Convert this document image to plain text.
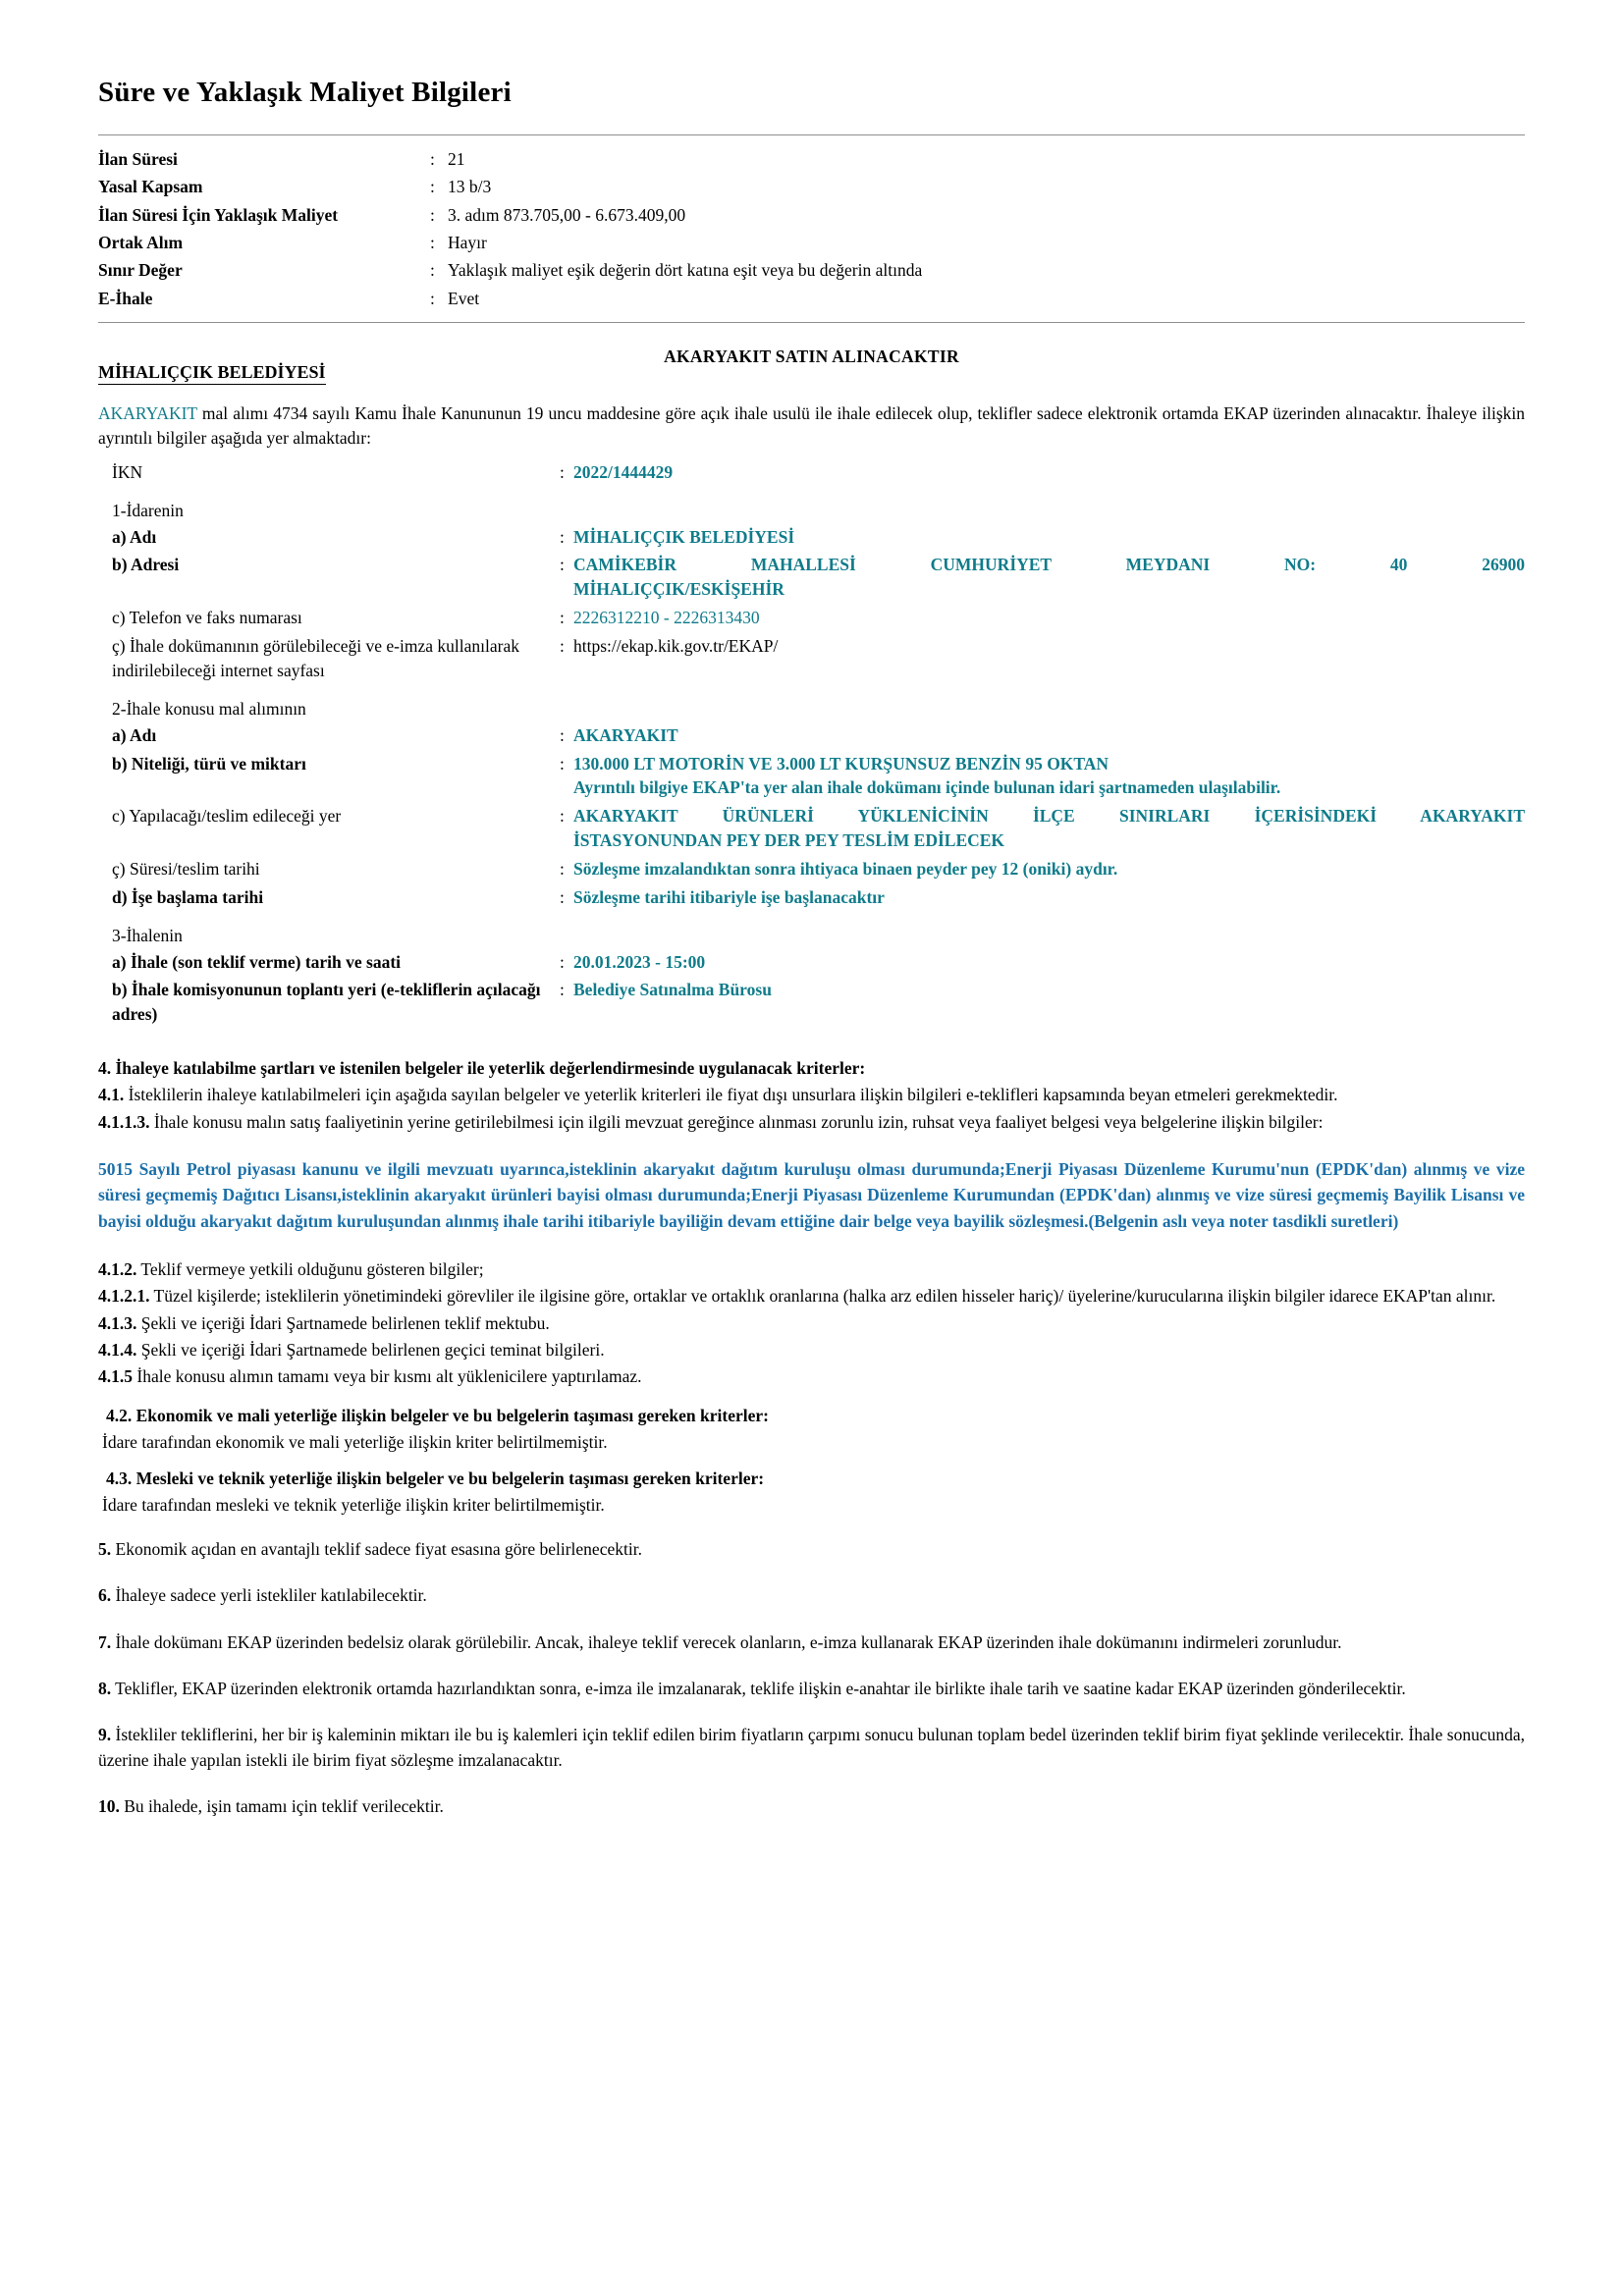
Süre ve Yaklaşık Maliyet Bilgileri
İlan Süresi	: 21
Yasal Kapsam	: 13 b/3
İlan Süresi İçin Yaklaşık Maliyet	: 3. adım 873.705,00 - 6.673.409,00
Ortak Alım	: Hayır
Sınır Değer	: Yaklaşık maliyet eşik değerin dört katına eşit veya bu değerin altında
E-İhale	: Evet
AKARYAKIT SATIN ALINACAKTIR
MİHALIÇÇIK BELEDİYESİ
AKARYAKIT mal alımı 4734 sayılı Kamu İhale Kanununun 19 uncu maddesine göre açık ihale usulü ile ihale edilecek olup, teklifler sadece elektronik ortamda EKAP üzerinden alınacaktır. İhaleye ilişkin ayrıntılı bilgiler aşağıda yer almaktadır:
İKN	: 2022/1444429
1-İdarenin
a) Adı	: MİHALIÇÇIK BELEDİYESİ
b) Adresi	: CAMİKEBİR MAHALLESİ CUMHURİYET MEYDANI NO: 40 26900
MİHALIÇÇIK/ESKİŞEHİR
c) Telefon ve faks numarası	: 2226312210 - 2226313430
ç) İhale dokümanının görülebileceği ve e-imza kullanılarak indirilebileceği internet sayfası
: https://ekap.kik.gov.tr/EKAP/
2-İhale konusu mal alımının
a) Adı	: AKARYAKIT
b) Niteliği, türü ve miktarı	: 130.000 LT MOTORİN VE 3.000 LT KURŞUNSUZ BENZİN 95 OKTAN
Ayrıntılı bilgiye EKAP'ta yer alan ihale dokümanı içinde bulunan idari şartnameden ulaşılabilir.
c) Yapılacağı/teslim edileceği yer	: AKARYAKIT ÜRÜNLERİ YÜKLENİCİNİN İLÇE SINIRLARI İÇERİSİNDEKİ AKARYAKIT
İSTASYONUNDAN PEY DER PEY TESLİM EDİLECEK
ç) Süresi/teslim tarihi	: Sözleşme imzalandıktan sonra ihtiyaca binaen peyder pey 12 (oniki) aydır.
d) İşe başlama tarihi	: Sözleşme tarihi itibariyle işe başlanacaktır
3-İhalenin
a) İhale (son teklif verme) tarih ve saati	: 20.01.2023 - 15:00
b) İhale komisyonunun toplantı yeri (e-tekliflerin açılacağı adres)
: Belediye Satınalma Bürosu
4. İhaleye katılabilme şartları ve istenilen belgeler ile yeterlik değerlendirmesinde uygulanacak kriterler:
4.1. İsteklilerin ihaleye katılabilmeleri için aşağıda sayılan belgeler ve yeterlik kriterleri ile fiyat dışı unsurlara ilişkin bilgileri e-teklifleri kapsamında beyan etmeleri gerekmektedir.
4.1.1.3. İhale konusu malın satış faaliyetinin yerine getirilebilmesi için ilgili mevzuat gereğince alınması zorunlu izin, ruhsat veya faaliyet belgesi veya belgelerine ilişkin bilgiler:
5015 Sayılı Petrol piyasası kanunu ve ilgili mevzuatı uyarınca,isteklinin akaryakıt dağıtım kuruluşu olması durumunda;Enerji Piyasası Düzenleme Kurumu'nun (EPDK'dan) alınmış ve vize süresi geçmemiş Dağıtıcı Lisansı,isteklinin akaryakıt ürünleri bayisi olması durumunda;Enerji Piyasası Düzenleme Kurumundan (EPDK'dan) alınmış ve vize süresi geçmemiş Bayilik Lisansı ve bayisi olduğu akaryakıt dağıtım kuruluşundan alınmış ihale tarihi itibariyle bayiliğin devam ettiğine dair belge veya bayilik sözleşmesi.(Belgenin aslı veya noter tasdikli suretleri)
4.1.2. Teklif vermeye yetkili olduğunu gösteren bilgiler;
4.1.2.1. Tüzel kişilerde; isteklilerin yönetimindeki görevliler ile ilgisine göre, ortaklar ve ortaklık oranlarına (halka arz edilen hisseler hariç)/ üyelerine/kurucularına ilişkin bilgiler idarece EKAP'tan alınır.
4.1.3. Şekli ve içeriği İdari Şartnamede belirlenen teklif mektubu.
4.1.4. Şekli ve içeriği İdari Şartnamede belirlenen geçici teminat bilgileri.
4.1.5 İhale konusu alımın tamamı veya bir kısmı alt yüklenicilere yaptırılamaz.
4.2. Ekonomik ve mali yeterliğe ilişkin belgeler ve bu belgelerin taşıması gereken kriterler:
İdare tarafından ekonomik ve mali yeterliğe ilişkin kriter belirtilmemiştir.
4.3. Mesleki ve teknik yeterliğe ilişkin belgeler ve bu belgelerin taşıması gereken kriterler:
İdare tarafından mesleki ve teknik yeterliğe ilişkin kriter belirtilmemiştir.
5. Ekonomik açıdan en avantajlı teklif sadece fiyat esasına göre belirlenecektir.
6. İhaleye sadece yerli istekliler katılabilecektir.
7. İhale dokümanı EKAP üzerinden bedelsiz olarak görülebilir. Ancak, ihaleye teklif verecek olanların, e-imza kullanarak EKAP üzerinden ihale dokümanını indirmeleri zorunludur.
8. Teklifler, EKAP üzerinden elektronik ortamda hazırlandıktan sonra, e-imza ile imzalanarak, teklife ilişkin e-anahtar ile birlikte ihale tarih ve saatine kadar EKAP üzerinden gönderilecektir.
9. İstekliler tekliflerini, her bir iş kaleminin miktarı ile bu iş kalemleri için teklif edilen birim fiyatların çarpımı sonucu bulunan toplam bedel üzerinden teklif birim fiyat şeklinde verilecektir. İhale sonucunda, üzerine ihale yapılan istekli ile birim fiyat sözleşme imzalanacaktır.
10. Bu ihalede, işin tamamı için teklif verilecektir.
